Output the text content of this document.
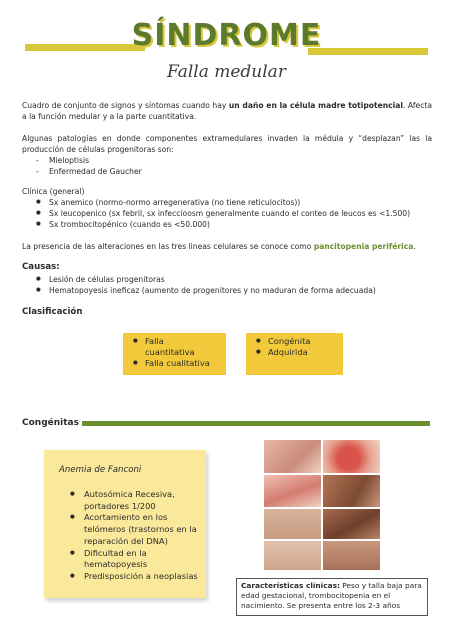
SÍNDROME
Falla medular
Cuadro de conjunto de signos y síntomas cuando hay un daño en la célula madre totipotencial. Afecta a la función medular y a la parte cuantitativa.
Algunas patologías en donde componentes extramedulares invaden la médula y “desplazan” las la producción de células progenitoras son:
- Mieloptisis
- Enfermedad de Gaucher
Clínica (general)
● Sx anemico (normo-normo arregenerativa (no tiene reticulocitos))
● Sx leucopenico (sx febril, sx infeccioosm generalmente cuando el conteo de leucos es <1.500)
● Sx trombocitopénico (cuando es <50.000)
La presencia de las alteraciones en las tres lineas celulares se conoce como pancitopenia periférica.
Causas:
● Lesión de células progenitoras
● Hematopoyesis ineficaz (aumento de progenitores y no maduran de forma adecuada)
Clasificación
● Falla cuantitativa
● Falla cualitativa
● Congénita
● Adquirida
Congénitas
Anemia de Fanconi
● Autosómica Recesiva, portadores 1/200
● Acortamiento en los telómeros (trastornos en la reparación del DNA)
● Dificultad en la hematopoyesis
● Predisposición a neoplasias
Características clínicas: Peso y talla baja para edad gestacional, trombocitopenia en el nacimiento. Se presenta entre los 2-3 años
